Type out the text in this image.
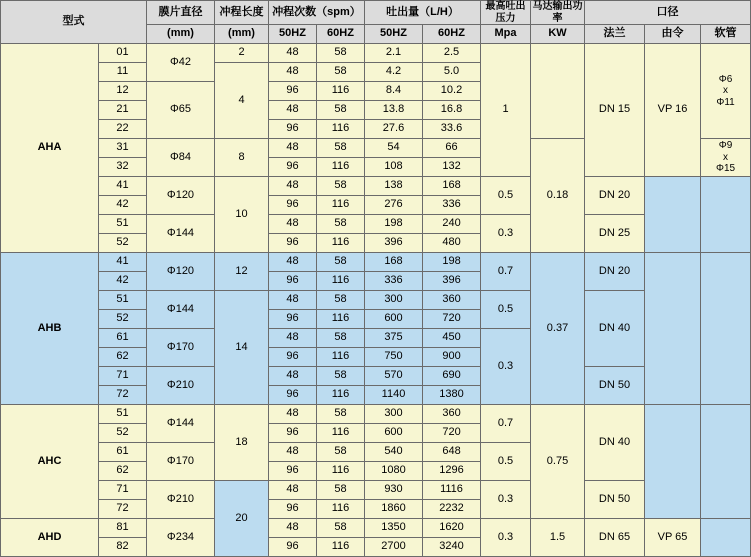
型式		膜片直径	冲程长度	冲程次数（spm）		吐出量（L/H）		最高吐出压力	马达输出功率	口径		
		(mm)	(mm)	50HZ	60HZ	50HZ	60HZ	Mpa	KW	法兰	由令	软管
AHA	01	Φ42	2	48	58	2.1	2.5	1		DN 15	VP 16	Φ6
x
Φ11
	11		4	48	58	4.2	5.0					
	12	Φ65		96	116	8.4	10.2					
	21			48	58	13.8	16.8					
	22			96	116	27.6	33.6					
	31	Φ84	8	48	58	54	66		0.18			Φ9
x
Φ15
	32			96	116	108	132					
	41	Φ120	10	48	58	138	168	0.5		DN 20		
	42			96	116	276	336					
	51	Φ144		48	58	198	240	0.3		DN 25		
	52			96	116	396	480					
AHB	41	Φ120	12	48	58	168	198	0.7	0.37	DN 20		
	42			96	116	336	396					
	51	Φ144	14	48	58	300	360	0.5		DN 40		
	52			96	116	600	720					
	61	Φ170		48	58	375	450	0.3				
	62			96	116	750	900					
	71	Φ210		48	58	570	690			DN 50		
	72			96	116	1140	1380					
AHC	51	Φ144	18	48	58	300	360	0.7	0.75	DN 40		
	52			96	116	600	720					
	61	Φ170		48	58	540	648	0.5				
	62			96	116	1080	1296					
	71	Φ210	20	48	58	930	1116	0.3		DN 50		
	72			96	116	1860	2232					
AHD	81	Φ234		48	58	1350	1620	0.3	1.5	DN 65	VP 65	
	82			96	116	2700	3240					
